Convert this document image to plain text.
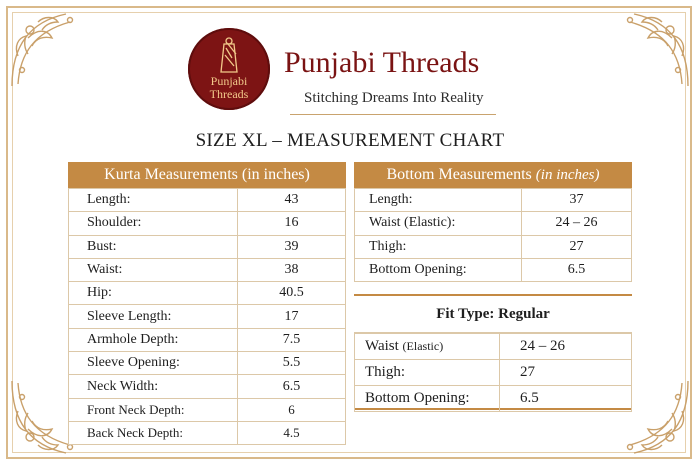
Punjabi
Threads
Punjabi Threads
Stitching Dreams Into Reality
SIZE XL – MEASUREMENT CHART
Kurta Measurements (in inches)
Length:	43
Shoulder:	16
Bust:	39
Waist:	38
Hip:	40.5
Sleeve Length:	17
Armhole Depth:	7.5
Sleeve Opening:	5.5
Neck Width:	6.5
Front Neck Depth:	6
Back Neck Depth:	4.5
Bottom Measurements (in inches)
Length:	37
Waist (Elastic):	24 – 26
Thigh:	27
Bottom Opening:	6.5
Fit Type: Regular
Waist (Elastic)	24 – 26
Thigh:	27
Bottom Opening:	6.5
